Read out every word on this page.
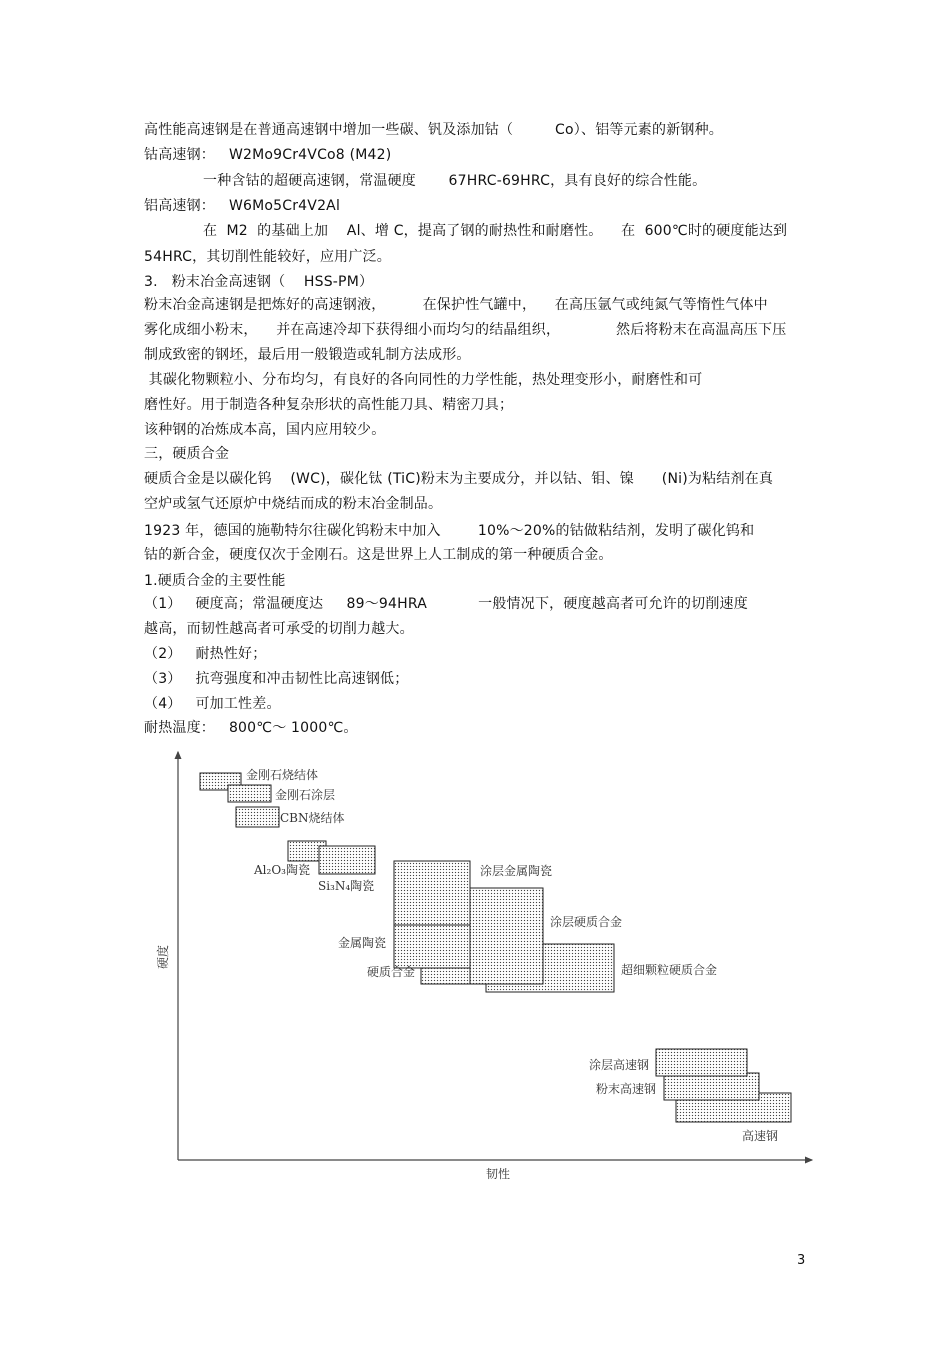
高性能高速钢是在普通高速钢中增加一些碳、钒及添加钴（         Co）、铝等元素的新钢种。
钴高速钢：   W2Mo9Cr4VCo8 (M42)
一种含钴的超硬高速钢，常温硬度       67HRC-69HRC，具有良好的综合性能。
铝高速钢：   W6Mo5Cr4V2Al
在  M2  的基础上加    Al、增 C，提高了钢的耐热性和耐磨性。    在  600℃时的硬度能达到
54HRC，其切削性能较好，应用广泛。
3.   粉末冶金高速钢（    HSS-PM）
粉末冶金高速钢是把炼好的高速钢液，        在保护性气罐中，    在高压氩气或纯氮气等惰性气体中
雾化成细小粉末，    并在高速冷却下获得细小而均匀的结晶组织，            然后将粉末在高温高压下压
制成致密的钢坯，最后用一般锻造或轧制方法成形。
其碳化物颗粒小、分布均匀，有良好的各向同性的力学性能，热处理变形小，耐磨性和可
磨性好。用于制造各种复杂形状的高性能刀具、精密刀具；
该种钢的冶炼成本高，国内应用较少。
三，硬质合金
硬质合金是以碳化钨    (WC)，碳化钛 (TiC)粉末为主要成分，并以钴、钼、镍      (Ni)为粘结剂在真
空炉或氢气还原炉中烧结而成的粉末冶金制品。
1923 年，德国的施勒特尔往碳化钨粉末中加入        10%～20%的钴做粘结剂，发明了碳化钨和
钴的新合金，硬度仅次于金刚石。这是世界上人工制成的第一种硬质合金。
1.硬质合金的主要性能
（1）   硬度高；常温硬度达     89～94HRA           一般情况下，硬度越高者可允许的切削速度
越高，而韧性越高者可承受的切削力越大。
（2）   耐热性好；
（3）   抗弯强度和冲击韧性比高速钢低；
（4）   可加工性差。
耐热温度：   800℃～ 1000℃。
硬度
韧性
金刚石烧结体
金刚石涂层
CBN烧结体
Al₂O₃陶瓷
Si₃N₄陶瓷
涂层金属陶瓷
涂层硬质合金
金属陶瓷
硬质合金	超细颗粒硬质合金
涂层高速钢
粉末高速钢
高速钢
3
